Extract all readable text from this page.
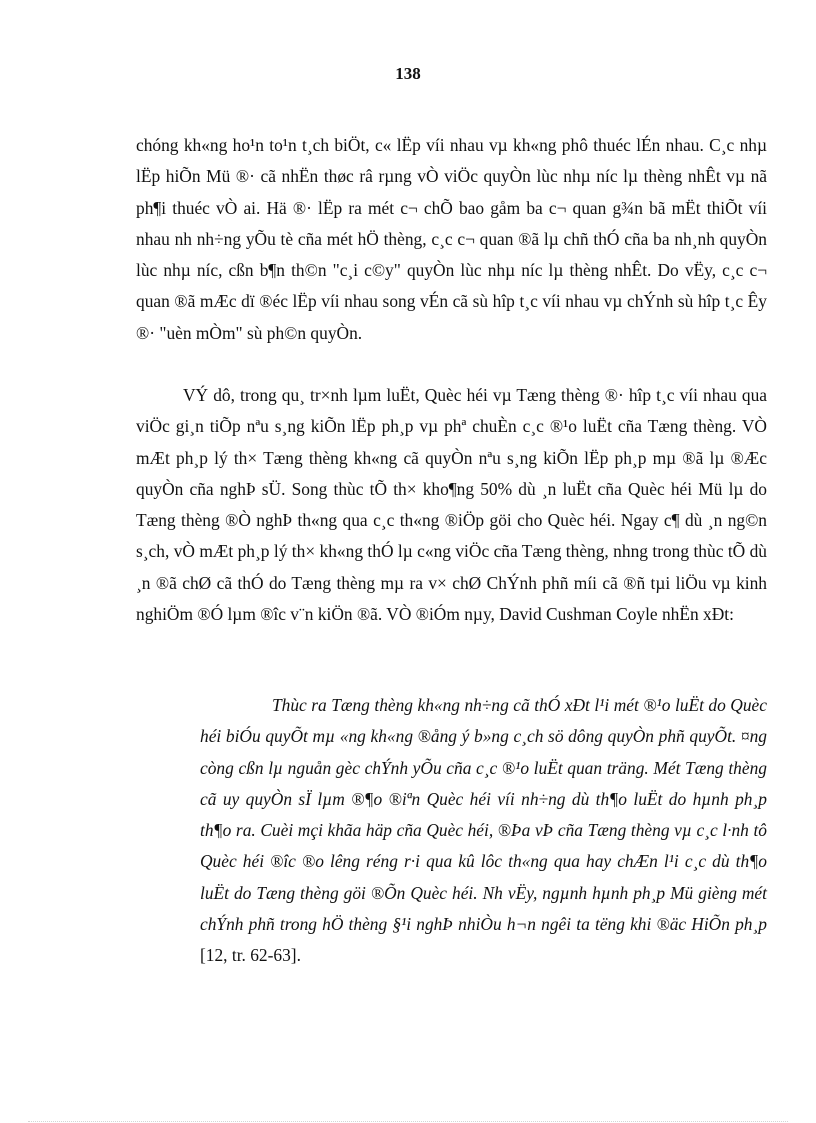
138

chóng kh«ng ho¹n to¹n t¸ch biÖt, c« lËp víi nhau vµ kh«ng phô thuéc lÉn nhau. C¸c nhµ lËp hiÕn Mü ®· cã nhËn thøc râ rµng vÒ viÖc quyÒn lùc nhµ níc lµ thèng nhÊt vµ nã ph¶i thuéc vÒ ai. Hä ®· lËp ra mét c¬ chÕ bao gåm ba c¬ quan g¾n bã mËt thiÕt víi nhau nh nh÷ng yÕu tè cña mét hÖ thèng, c¸c c¬ quan ®ã lµ chñ thÓ cña ba nh¸nh quyÒn lùc nhµ níc, cßn b¶n th©n "c¸i c©y" quyÒn lùc nhµ níc lµ thèng nhÊt. Do vËy, c¸c c¬ quan ®ã mÆc dï ®éc lËp víi nhau song vÉn cã sù hîp t¸c víi nhau vµ chÝnh sù hîp t¸c Êy ®· "uèn mÒm" sù ph©n quyÒn.

VÝ dô, trong qu¸ tr×nh lµm luËt, Quèc héi vµ Tæng thèng ®· hîp t¸c víi nhau qua viÖc gi¸n tiÕp nªu s¸ng kiÕn lËp ph¸p vµ phª chuÈn c¸c ®¹o luËt cña Tæng thèng. VÒ mÆt ph¸p lý th× Tæng thèng kh«ng cã quyÒn nªu s¸ng kiÕn lËp ph¸p mµ ®ã lµ ®Æc quyÒn cña nghÞ sÜ. Song thùc tÕ th× kho¶ng 50% dù ¸n luËt cña Quèc héi Mü lµ do Tæng thèng ®Ò nghÞ th«ng qua c¸c th«ng ®iÖp göi cho Quèc héi. Ngay c¶ dù ¸n ng©n s¸ch, vÒ mÆt ph¸p lý th× kh«ng thÓ lµ c«ng viÖc cña Tæng thèng, nhng trong thùc tÕ dù ¸n ®ã chØ cã thÓ do Tæng thèng mµ ra v× chØ ChÝnh phñ míi cã ®ñ tµi liÖu vµ kinh nghiÖm ®Ó lµm ®îc v¨n kiÖn ®ã. VÒ ®iÓm nµy, David Cushman Coyle nhËn xÐt:

Thùc ra Tæng thèng kh«ng nh÷ng cã thÓ xÐt l¹i mét ®¹o luËt do Quèc héi biÓu quyÕt mµ «ng kh«ng ®ång ý b»ng c¸ch sö dông quyÒn phñ quyÕt. ¤ng còng cßn lµ nguån gèc chÝnh yÕu cña c¸c ®¹o luËt quan träng. Mét Tæng thèng cã uy quyÒn sÏ lµm ®¶o ®iªn Quèc héi víi nh÷ng dù th¶o luËt do hµnh ph¸p th¶o ra. Cuèi mçi khãa häp cña Quèc héi, ®Þa vÞ cña Tæng thèng vµ c¸c l·nh tô Quèc héi ®îc ®o lêng réng r·i qua kû lôc th«ng qua hay chÆn l¹i c¸c dù th¶o luËt do Tæng thèng göi ®Õn Quèc héi. Nh vËy, ngµnh hµnh ph¸p Mü gièng mét chÝnh phñ trong hÖ thèng §¹i nghÞ nhiÒu h¬n ngêi ta tëng khi ®äc HiÕn ph¸p [12, tr. 62-63].
